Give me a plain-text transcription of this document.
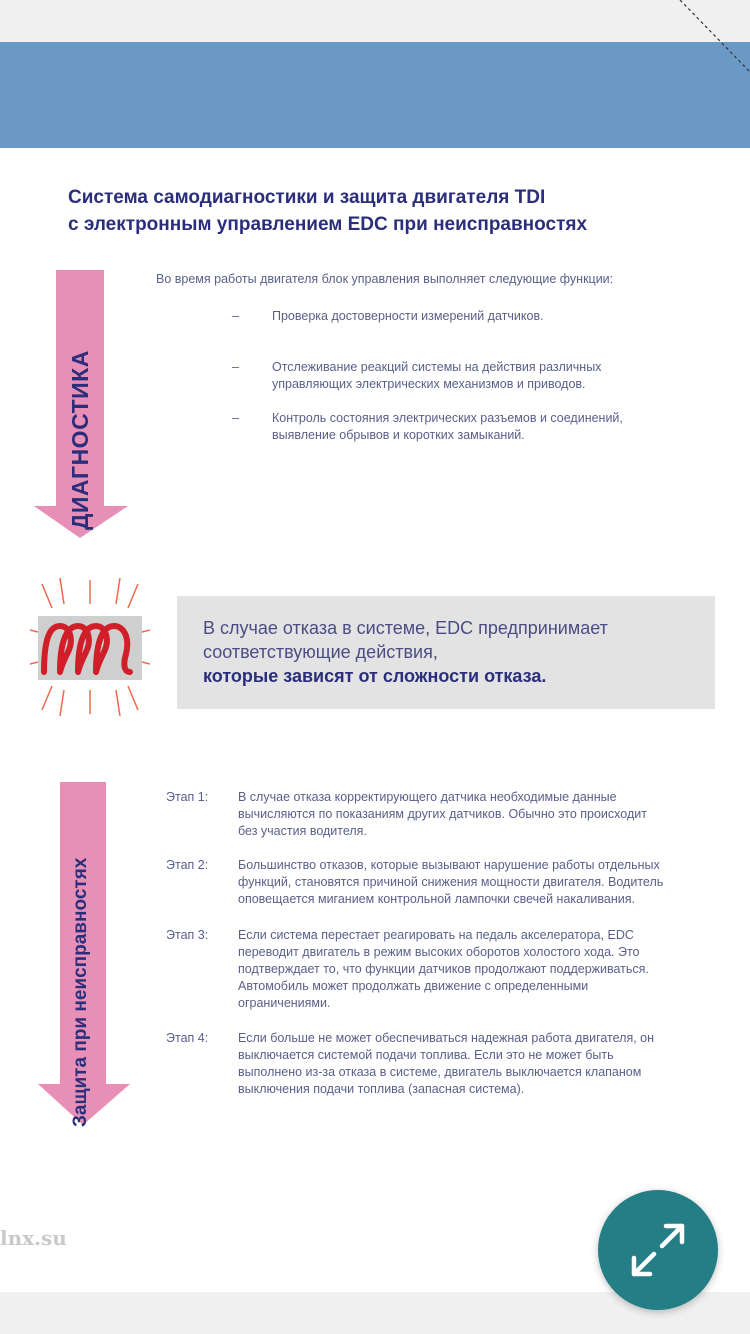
Система самодиагностики и защита двигателя TDI
с электронным управлением EDC при неисправностях
ДИАГНОСТИКА
Во время работы двигателя блок управления выполняет следующие функции:
–	Проверка достоверности измерений датчиков.
–	Отслеживание реакций системы на действия различных
управляющих электрических механизмов и приводов.
–	Контроль состояния электрических разъемов и соединений,
выявление обрывов и коротких замыканий.
В случае отказа в системе, EDC предпринимает
соответствующие действия,
которые зависят от сложности отказа.
Защита при неисправностях
Этап 1:	В случае отказа корректирующего датчика необходимые данные
вычисляются по показаниям других датчиков. Обычно это происходит
без участия водителя.
Этап 2:	Большинство отказов, которые вызывают нарушение работы отдельных
функций, становятся причиной снижения мощности двигателя. Водитель
оповещается миганием контрольной лампочки свечей накаливания.
Этап 3:	Если система перестает реагировать на педаль акселератора, EDC
переводит двигатель в режим высоких оборотов холостого хода. Это
подтверждает то, что функции датчиков продолжают поддерживаться.
Автомобиль может продолжать движение с определенными
ограничениями.
Этап 4:	Если больше не может обеспечиваться надежная работа двигателя, он
выключается системой подачи топлива. Если это не может быть
выполнено из-за отказа в системе, двигатель выключается клапаном
выключения подачи топлива (запасная система).
lnx.su
